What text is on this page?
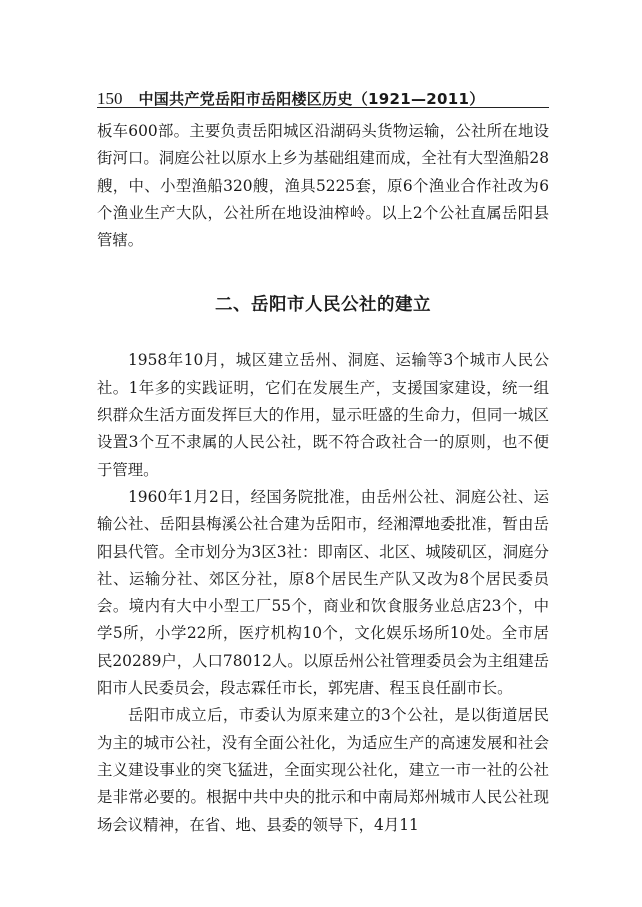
150 中国共产党岳阳市岳阳楼区历史（1921—2011）

板车600部。主要负责岳阳城区沿湖码头货物运输，公社所在地设街河口。洞庭公社以原水上乡为基础组建而成，全社有大型渔船28艘，中、小型渔船320艘，渔具5225套，原6个渔业合作社改为6个渔业生产大队，公社所在地设油榨岭。以上2个公社直属岳阳县管辖。

二、岳阳市人民公社的建立

1958年10月，城区建立岳州、洞庭、运输等3个城市人民公社。1年多的实践证明，它们在发展生产，支援国家建设，统一组织群众生活方面发挥巨大的作用，显示旺盛的生命力，但同一城区设置3个互不隶属的人民公社，既不符合政社合一的原则，也不便于管理。

1960年1月2日，经国务院批准，由岳州公社、洞庭公社、运输公社、岳阳县梅溪公社合建为岳阳市，经湘潭地委批准，暂由岳阳县代管。全市划分为3区3社：即南区、北区、城陵矶区，洞庭分社、运输分社、郊区分社，原8个居民生产队又改为8个居民委员会。境内有大中小型工厂55个，商业和饮食服务业总店23个，中学5所，小学22所，医疗机构10个，文化娱乐场所10处。全市居民20289户，人口78012人。以原岳州公社管理委员会为主组建岳阳市人民委员会，段志霖任市长，郭宪唐、程玉良任副市长。

岳阳市成立后，市委认为原来建立的3个公社，是以街道居民为主的城市公社，没有全面公社化，为适应生产的高速发展和社会主义建设事业的突飞猛进，全面实现公社化，建立一市一社的公社是非常必要的。根据中共中央的批示和中南局郑州城市人民公社现场会议精神，在省、地、县委的领导下，4月11
